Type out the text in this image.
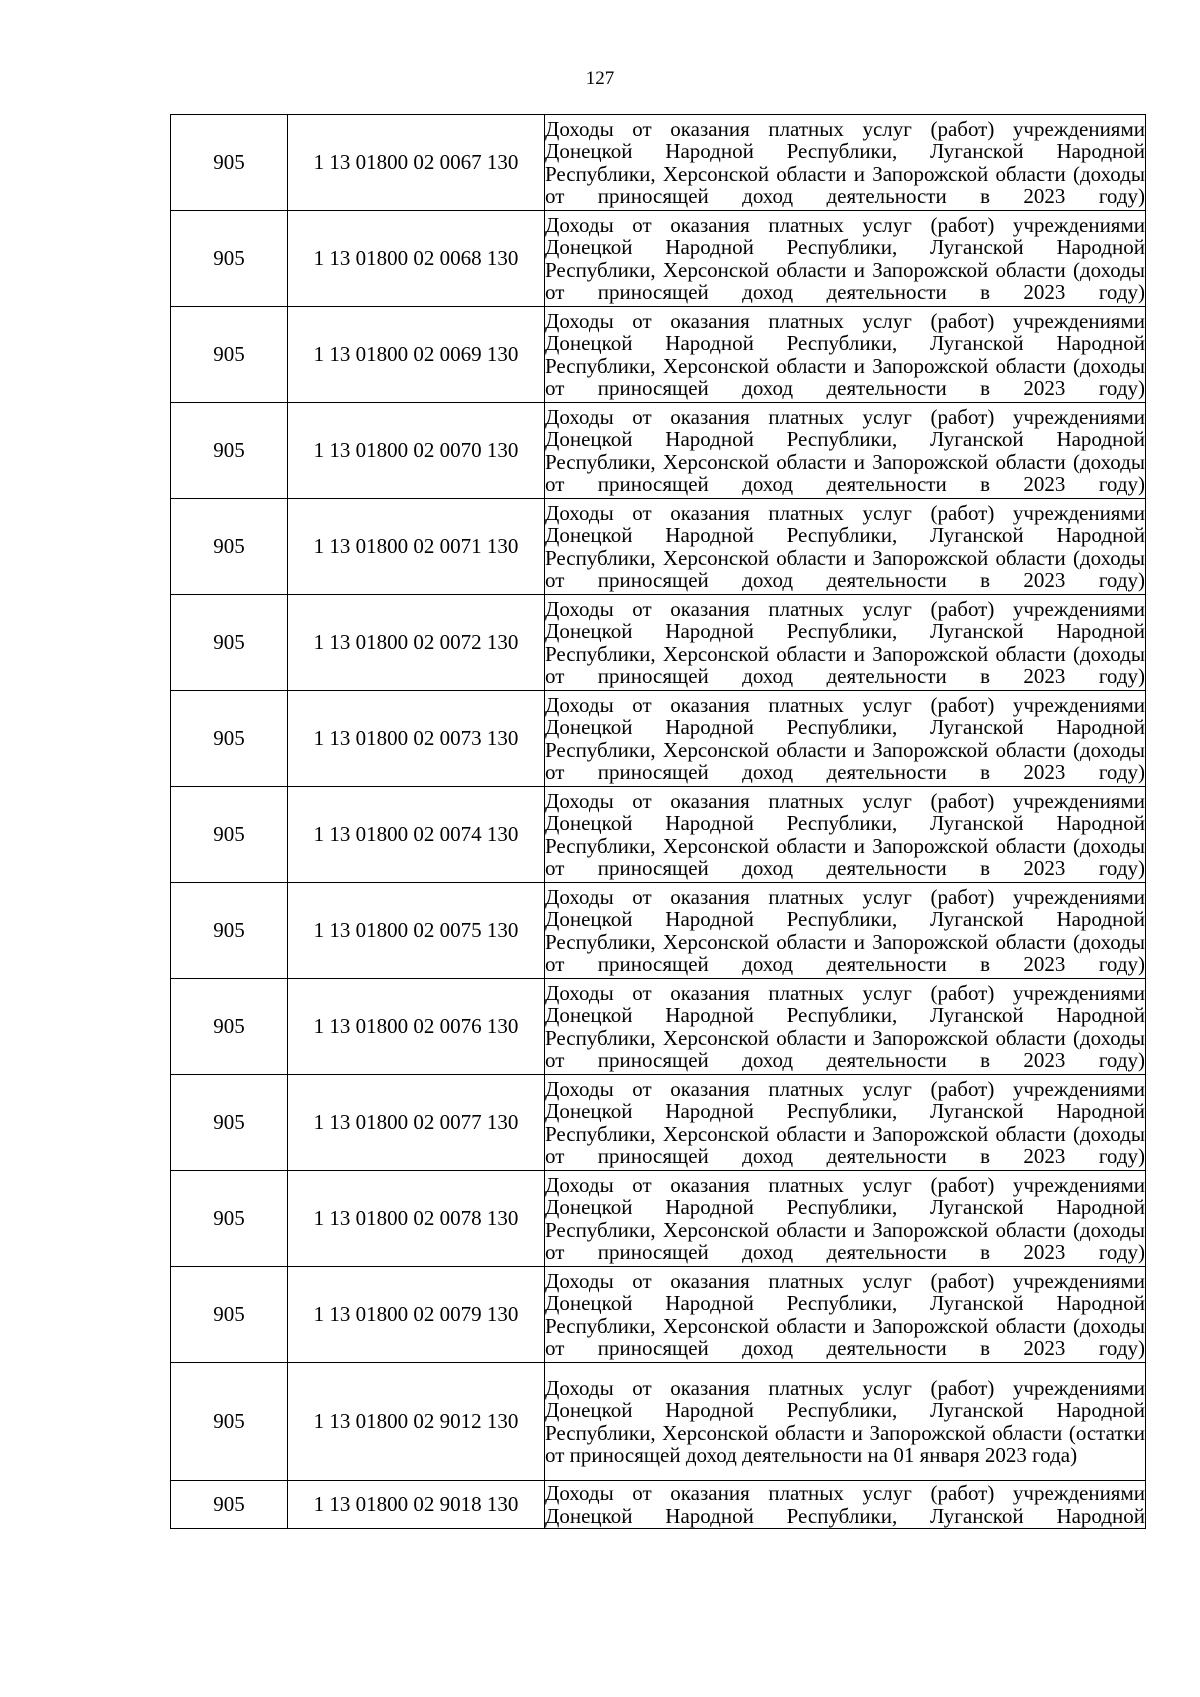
127
905	1 13 01800 02 0067 130	Доходы от оказания платных услуг (работ) учреждениями Донецкой Народной Республики, Луганской Народной Республики, Херсонской области и Запорожской области (доходы от приносящей доход деятельности в 2023 году)

905	1 13 01800 02 0068 130	Доходы от оказания платных услуг (работ) учреждениями Донецкой Народной Республики, Луганской Народной Республики, Херсонской области и Запорожской области (доходы от приносящей доход деятельности в 2023 году)

905	1 13 01800 02 0069 130	Доходы от оказания платных услуг (работ) учреждениями Донецкой Народной Республики, Луганской Народной Республики, Херсонской области и Запорожской области (доходы от приносящей доход деятельности в 2023 году)

905	1 13 01800 02 0070 130	Доходы от оказания платных услуг (работ) учреждениями Донецкой Народной Республики, Луганской Народной Республики, Херсонской области и Запорожской области (доходы от приносящей доход деятельности в 2023 году)

905	1 13 01800 02 0071 130	Доходы от оказания платных услуг (работ) учреждениями Донецкой Народной Республики, Луганской Народной Республики, Херсонской области и Запорожской области (доходы от приносящей доход деятельности в 2023 году)

905	1 13 01800 02 0072 130	Доходы от оказания платных услуг (работ) учреждениями Донецкой Народной Республики, Луганской Народной Республики, Херсонской области и Запорожской области (доходы от приносящей доход деятельности в 2023 году)

905	1 13 01800 02 0073 130	Доходы от оказания платных услуг (работ) учреждениями Донецкой Народной Республики, Луганской Народной Республики, Херсонской области и Запорожской области (доходы от приносящей доход деятельности в 2023 году)

905	1 13 01800 02 0074 130	Доходы от оказания платных услуг (работ) учреждениями Донецкой Народной Республики, Луганской Народной Республики, Херсонской области и Запорожской области (доходы от приносящей доход деятельности в 2023 году)

905	1 13 01800 02 0075 130	Доходы от оказания платных услуг (работ) учреждениями Донецкой Народной Республики, Луганской Народной Республики, Херсонской области и Запорожской области (доходы от приносящей доход деятельности в 2023 году)

905	1 13 01800 02 0076 130	Доходы от оказания платных услуг (работ) учреждениями Донецкой Народной Республики, Луганской Народной Республики, Херсонской области и Запорожской области (доходы от приносящей доход деятельности в 2023 году)

905	1 13 01800 02 0077 130	Доходы от оказания платных услуг (работ) учреждениями Донецкой Народной Республики, Луганской Народной Республики, Херсонской области и Запорожской области (доходы от приносящей доход деятельности в 2023 году)

905	1 13 01800 02 0078 130	Доходы от оказания платных услуг (работ) учреждениями Донецкой Народной Республики, Луганской Народной Республики, Херсонской области и Запорожской области (доходы от приносящей доход деятельности в 2023 году)

905	1 13 01800 02 0079 130	Доходы от оказания платных услуг (работ) учреждениями Донецкой Народной Республики, Луганской Народной Республики, Херсонской области и Запорожской области (доходы от приносящей доход деятельности в 2023 году)

905	1 13 01800 02 9012 130	Доходы от оказания платных услуг (работ) учреждениями Донецкой Народной Республики, Луганской Народной Республики, Херсонской области и Запорожской области (остатки от приносящей доход деятельности на 01 января 2023 года)

905	1 13 01800 02 9018 130	Доходы от оказания платных услуг (работ) учреждениями Донецкой Народной Республики, Луганской Народной
